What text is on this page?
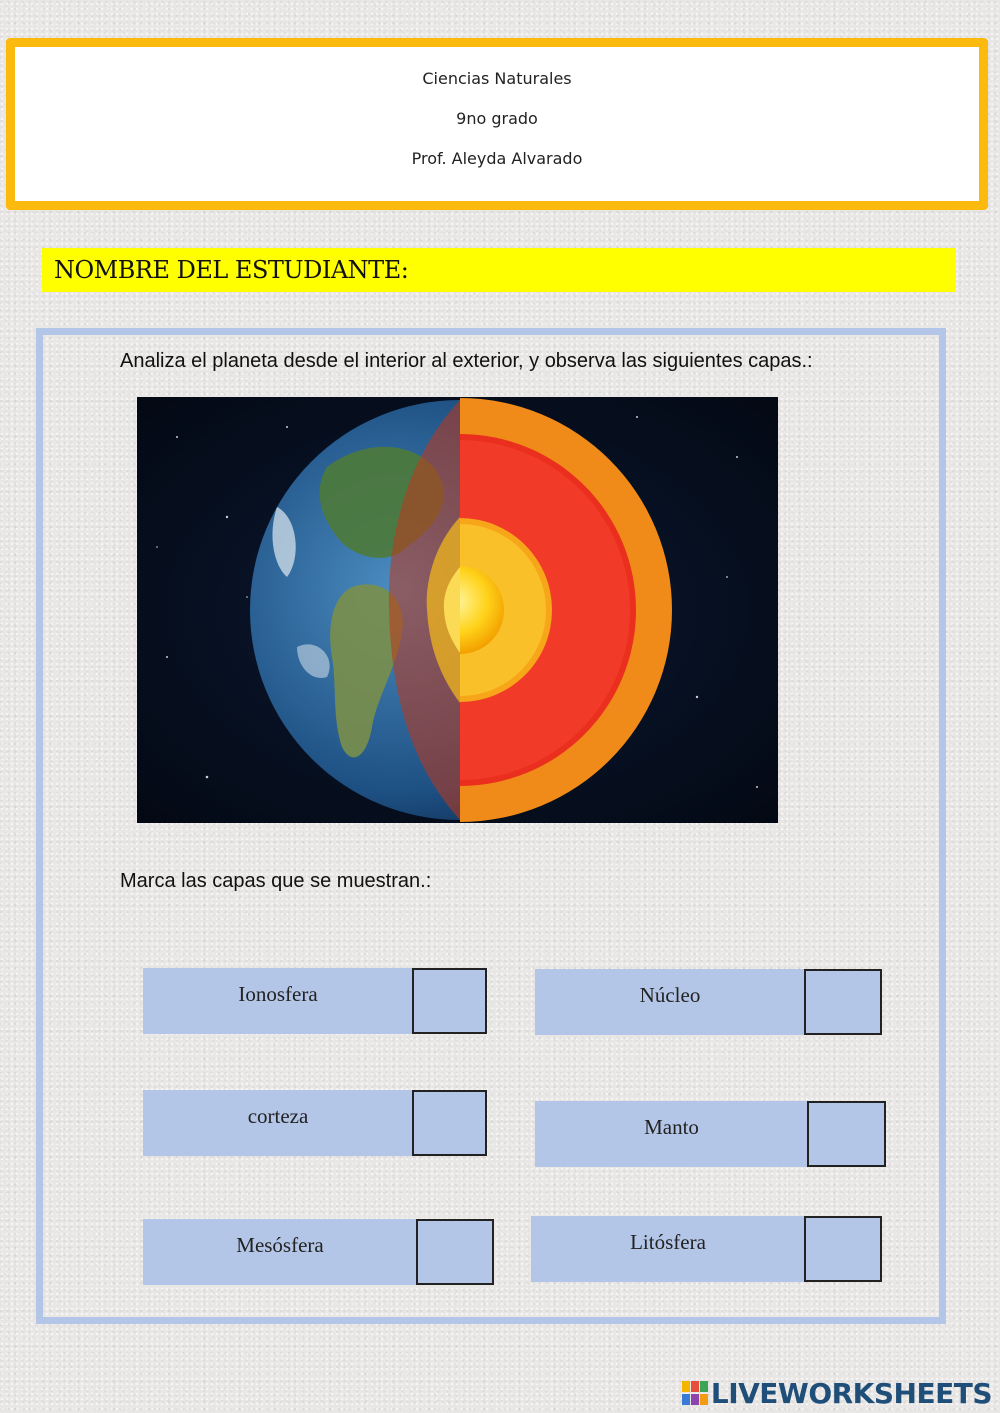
Ciencias Naturales
9no grado
Prof. Aleyda Alvarado
NOMBRE DEL ESTUDIANTE:
Analiza el planeta desde el interior al exterior, y observa las siguientes capas.:
Marca las capas que se muestran.:
Ionosfera	Núcleo
corteza	Manto
Mesósfera	Litósfera
LIVEWORKSHEETS
